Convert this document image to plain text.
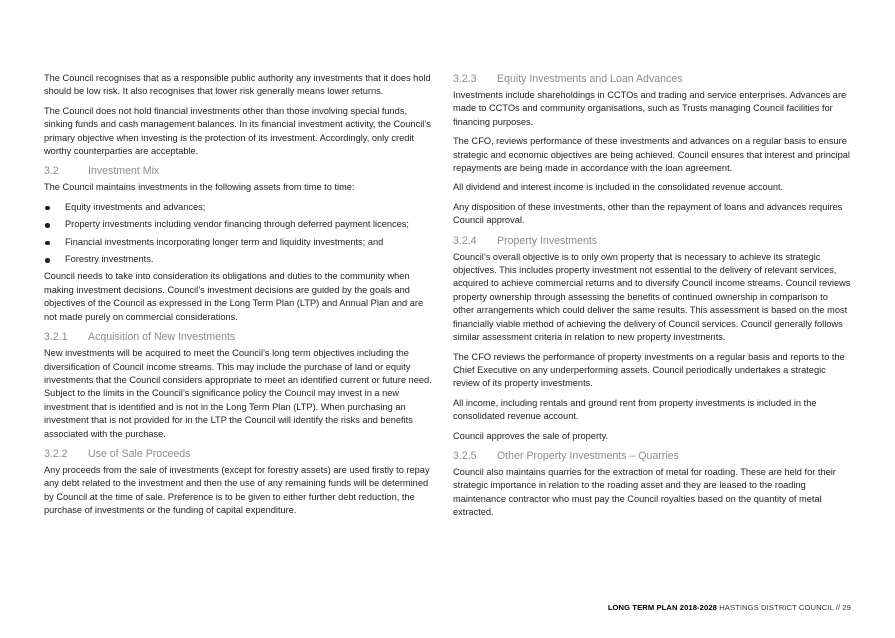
The Council recognises that as a responsible public authority any investments that it does hold should be low risk. It also recognises that lower risk generally means lower returns.

The Council does not hold financial investments other than those involving special funds, sinking funds and cash management balances. In its financial investment activity, the Council’s primary objective when investing is the protection of its investment. Accordingly, only credit worthy counterparties are acceptable.

3.2	Investment Mix

The Council maintains investments in the following assets from time to time:

Equity investments and advances;
Property investments including vendor financing through deferred payment licences;
Financial investments incorporating longer term and liquidity investments; and
Forestry investments.

Council needs to take into consideration its obligations and duties to the community when making investment decisions. Council’s investment decisions are guided by the goals and objectives of the Council as expressed in the Long Term Plan (LTP) and Annual Plan and are not made purely on commercial considerations.

3.2.1	Acquisition of New Investments

New investments will be acquired to meet the Council’s long term objectives including the diversification of Council income streams. This may include the purchase of land or equity investments that the Council considers appropriate to meet an identified current or future need. Subject to the limits in the Council’s significance policy the Council may invest in a new investment that is identified and is not in the Long Term Plan (LTP). When purchasing an investment that is not provided for in the LTP the Council will identify the risks and benefits associated with the purchase.

3.2.2	Use of Sale Proceeds

Any proceeds from the sale of investments (except for forestry assets) are used firstly to repay any debt related to the investment and then the use of any remaining funds will be determined by Council at the time of sale. Preference is to be given to either further debt reduction, the purchase of investments or the funding of capital expenditure.

3.2.3	Equity Investments and Loan Advances

Investments include shareholdings in CCTOs and trading and service enterprises. Advances are made to CCTOs and community organisations, such as Trusts managing Council facilities for financing purposes.

The CFO, reviews performance of these investments and advances on a regular basis to ensure strategic and economic objectives are being achieved. Council ensures that interest and principal repayments are being made in accordance with the loan agreement.

All dividend and interest income is included in the consolidated revenue account.

Any disposition of these investments, other than the repayment of loans and advances requires Council approval.

3.2.4	Property Investments

Council’s overall objective is to only own property that is necessary to achieve its strategic objectives. This includes property investment not essential to the delivery of relevant services, acquired to achieve commercial returns and to diversify Council income streams. Council reviews property ownership through assessing the benefits of continued ownership in comparison to other arrangements which could deliver the same results. This assessment is based on the most financially viable method of achieving the delivery of Council services. Council generally follows similar assessment criteria in relation to new property investments.

The CFO reviews the performance of property investments on a regular basis and reports to the Chief Executive on any underperforming assets. Council periodically undertakes a strategic review of its property investments.

All income, including rentals and ground rent from property investments is included in the consolidated revenue account.

Council approves the sale of property.

3.2.5	Other Property Investments – Quarries

Council also maintains quarries for the extraction of metal for roading. These are held for their strategic importance in relation to the roading asset and they are leased to the roading maintenance contractor who must pay the Council royalties based on the quantity of metal extracted.

LONG TERM PLAN 2018-2028 HASTINGS DISTRICT COUNCIL // 29
